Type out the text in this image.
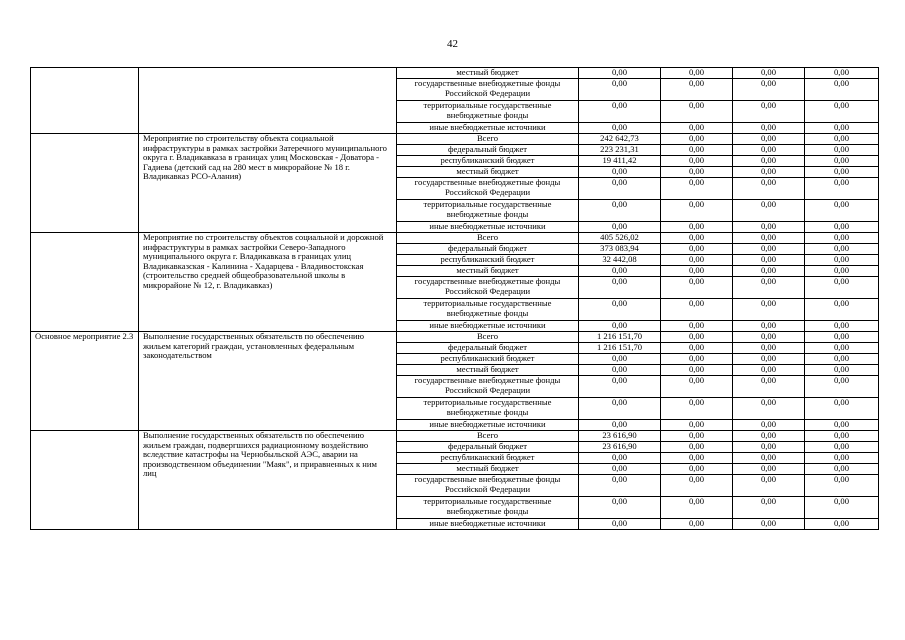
42
		местный бюджет	0,00	0,00	0,00	0,00	
		государственные внебюджетные фонды Российской Федерации	0,00	0,00	0,00	0,00	
		территориальные государственные внебюджетные фонды	0,00	0,00	0,00	0,00	
		иные внебюджетные источники	0,00	0,00	0,00	0,00	
	Мероприятие по строительству объекта социальной инфраструктуры в рамках застройки Затеречного муниципального округа г. Владикавказа в границах улиц Московская - Доватора - Гадиева (детский сад на 280 мест в микрорайоне № 18 г. Владикавказ РСО-Алания)	Всего	242 642,73	0,00	0,00	0,00	
		федеральный бюджет	223 231,31	0,00	0,00	0,00	
		республиканский бюджет	19 411,42	0,00	0,00	0,00	
		местный бюджет	0,00	0,00	0,00	0,00	
		государственные внебюджетные фонды Российской Федерации	0,00	0,00	0,00	0,00	
		территориальные государственные внебюджетные фонды	0,00	0,00	0,00	0,00	
		иные внебюджетные источники	0,00	0,00	0,00	0,00	
	Мероприятие по строительству объектов социальной и дорожной инфраструктуры в рамках застройки Северо-Западного муниципального округа г. Владикавказа в границах улиц Владикавказская - Калинина - Хадарцева - Владивостокская (строительство средней общеобразовательной школы в микрорайоне № 12, г. Владикавказ)	Всего	405 526,02	0,00	0,00	0,00	
		федеральный бюджет	373 083,94	0,00	0,00	0,00	
		республиканский бюджет	32 442,08	0,00	0,00	0,00	
		местный бюджет	0,00	0,00	0,00	0,00	
		государственные внебюджетные фонды Российской Федерации	0,00	0,00	0,00	0,00	
		территориальные государственные внебюджетные фонды	0,00	0,00	0,00	0,00	
		иные внебюджетные источники	0,00	0,00	0,00	0,00	
Основное мероприятие 2.3	Выполнение государственных обязательств по обеспечению жильем категорий граждан, установленных федеральным законодательством	Всего	1 216 151,70	0,00	0,00	0,00	
		федеральный бюджет	1 216 151,70	0,00	0,00	0,00	
		республиканский бюджет	0,00	0,00	0,00	0,00	
		местный бюджет	0,00	0,00	0,00	0,00	
		государственные внебюджетные фонды Российской Федерации	0,00	0,00	0,00	0,00	
		территориальные государственные внебюджетные фонды	0,00	0,00	0,00	0,00	
		иные внебюджетные источники	0,00	0,00	0,00	0,00	
	Выполнение государственных обязательств по обеспечению жильем граждан, подвергшихся радиационному воздействию вследствие катастрофы на Чернобыльской АЭС, аварии на производственном объединении "Маяк", и приравненных к ним лиц	Всего	23 616,90	0,00	0,00	0,00	
		федеральный бюджет	23 616,90	0,00	0,00	0,00	
		республиканский бюджет	0,00	0,00	0,00	0,00	
		местный бюджет	0,00	0,00	0,00	0,00	
		государственные внебюджетные фонды Российской Федерации	0,00	0,00	0,00	0,00	
		территориальные государственные внебюджетные фонды	0,00	0,00	0,00	0,00	
		иные внебюджетные источники	0,00	0,00	0,00	0,00	
